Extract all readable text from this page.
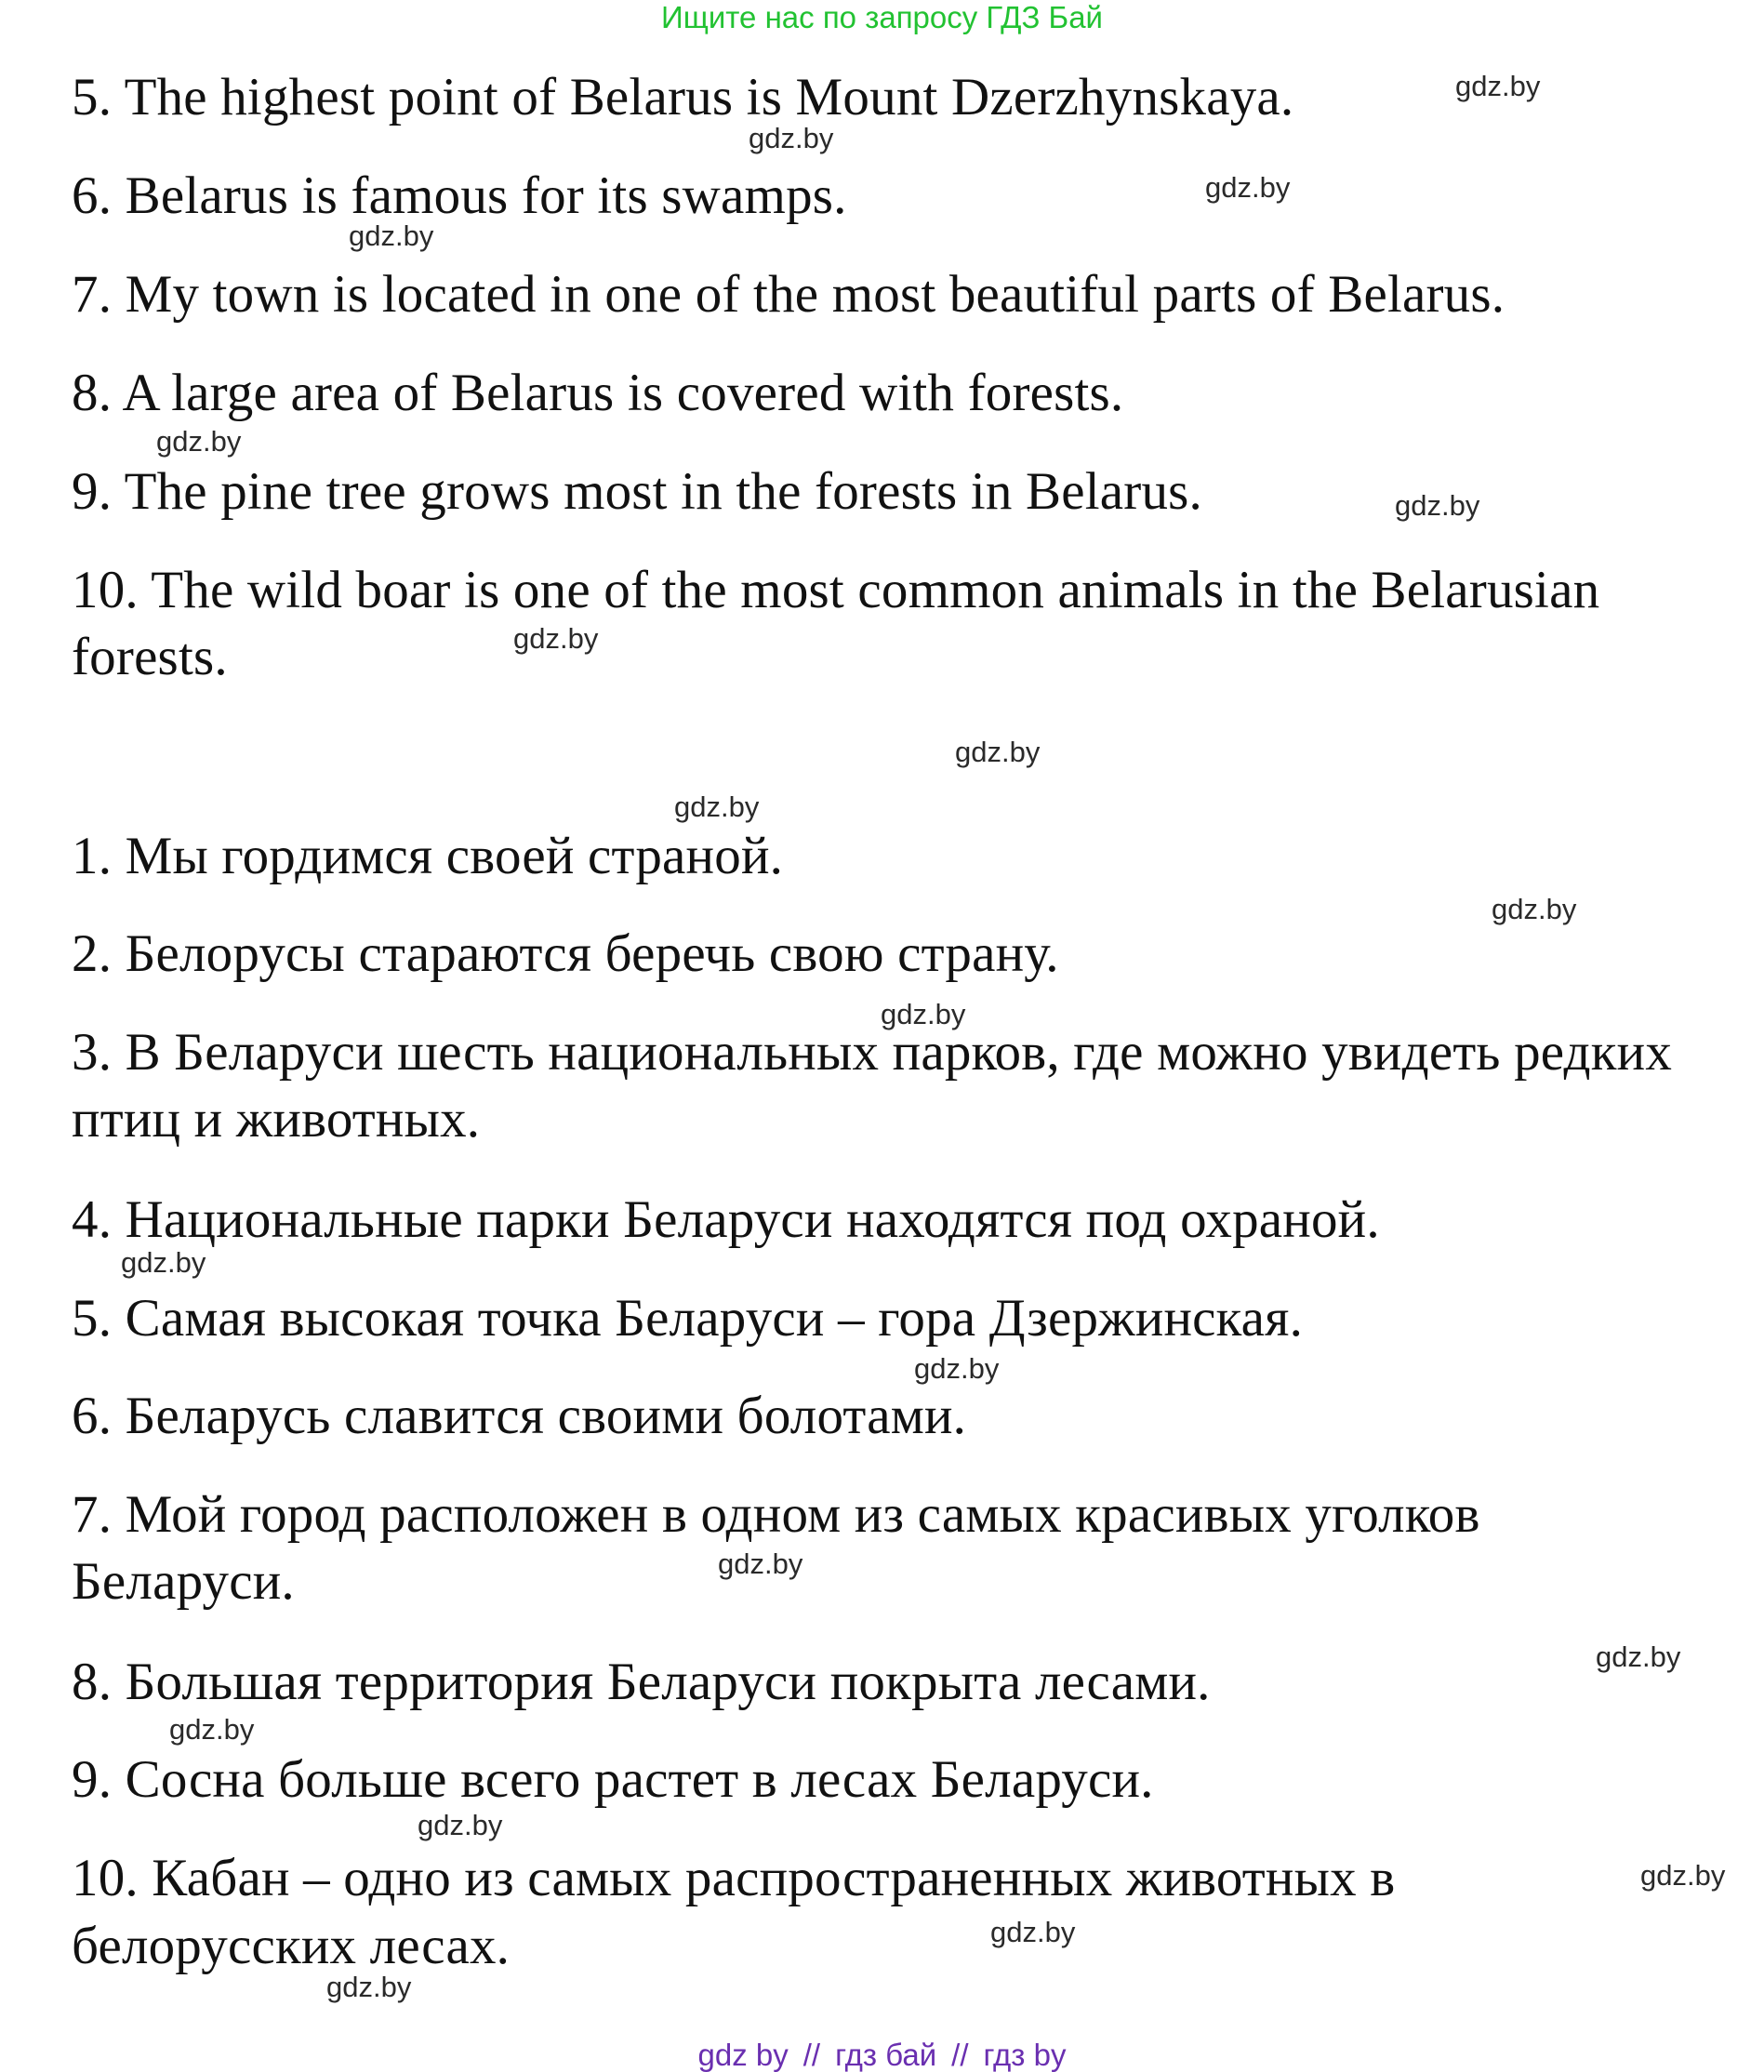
Ищите нас по запросу ГДЗ Бай
5. The highest point of Belarus is Mount Dzerzhynskaya.
6. Belarus is famous for its swamps.
7. My town is located in one of the most beautiful parts of Belarus.
8. A large area of Belarus is covered with forests.
9. The pine tree grows most in the forests in Belarus.
10. The wild boar is one of the most common animals in the Belarusian
forests.
1. Мы гордимся своей страной.
2. Белорусы стараются беречь свою страну.
3. В Беларуси шесть национальных парков, где можно увидеть редких
птиц и животных.
4. Национальные парки Беларуси находятся под охраной.
5. Самая высокая точка Беларуси – гора Дзержинская.
6. Беларусь славится своими болотами.
7. Мой город расположен в одном из самых красивых уголков
Беларуси.
8. Большая территория Беларуси покрыта лесами.
9. Сосна больше всего растет в лесах Беларуси.
10. Кабан – одно из самых распространенных животных в
белорусских лесах.
gdz.by
gdz.by
gdz.by
gdz.by
gdz.by
gdz.by
gdz.by
gdz.by
gdz.by
gdz.by
gdz.by
gdz.by
gdz.by
gdz.by
gdz.by
gdz.by
gdz.by
gdz.by
gdz.by
gdz.by
gdz by // гдз бай // гдз by
